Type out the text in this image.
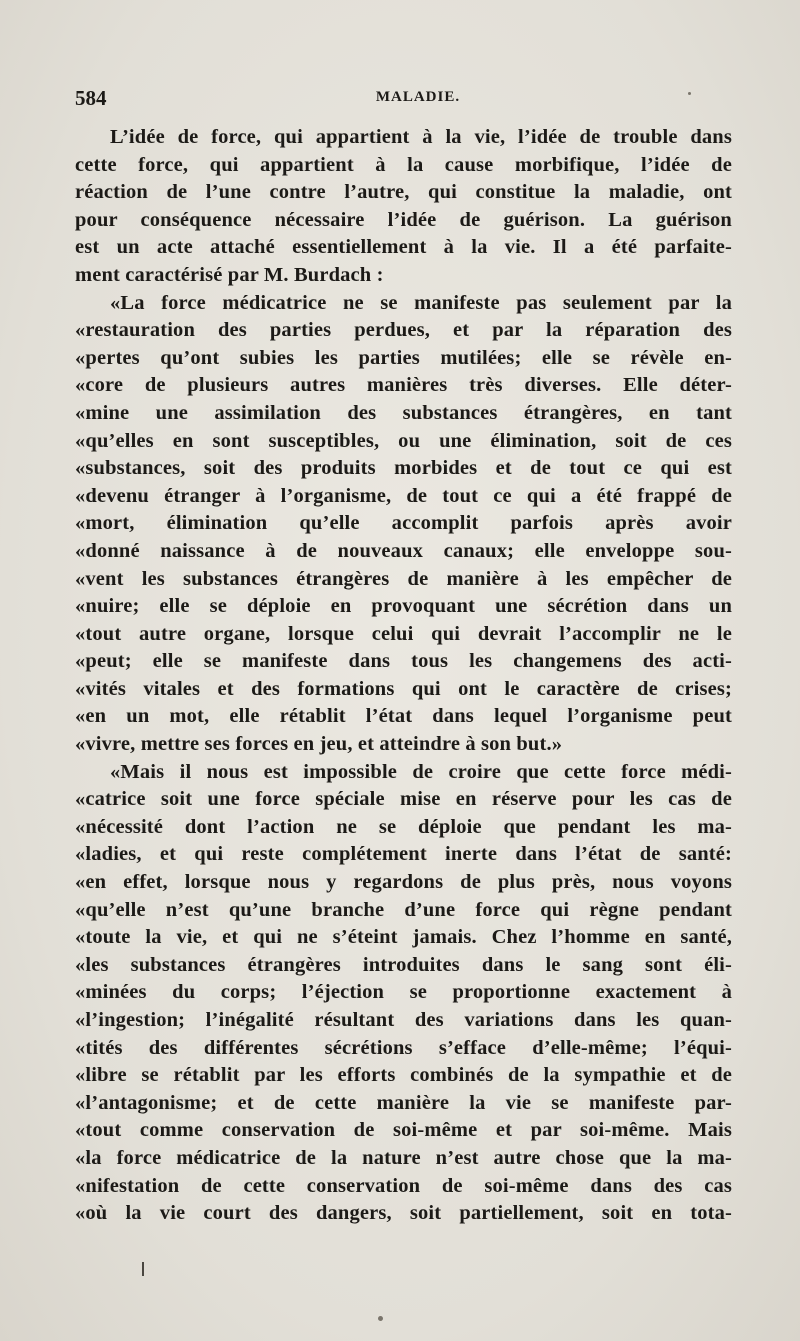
584	MALADIE.
L’idée de force, qui appartient à la vie, l’idée de trouble dans
cette force, qui appartient à la cause morbifique, l’idée de
réaction de l’une contre l’autre, qui constitue la maladie, ont
pour conséquence nécessaire l’idée de guérison. La guérison
est un acte attaché essentiellement à la vie. Il a été parfaite-
ment caractérisé par M. Burdach :
«La force médicatrice ne se manifeste pas seulement par la
«restauration des parties perdues, et par la réparation des
«pertes qu’ont subies les parties mutilées; elle se révèle en-
«core de plusieurs autres manières très diverses. Elle déter-
«mine une assimilation des substances étrangères, en tant
«qu’elles en sont susceptibles, ou une élimination, soit de ces
«substances, soit des produits morbides et de tout ce qui est
«devenu étranger à l’organisme, de tout ce qui a été frappé de
«mort, élimination qu’elle accomplit parfois après avoir
«donné naissance à de nouveaux canaux; elle enveloppe sou-
«vent les substances étrangères de manière à les empêcher de
«nuire; elle se déploie en provoquant une sécrétion dans un
«tout autre organe, lorsque celui qui devrait l’accomplir ne le
«peut; elle se manifeste dans tous les changemens des acti-
«vités vitales et des formations qui ont le caractère de crises;
«en un mot, elle rétablit l’état dans lequel l’organisme peut
«vivre, mettre ses forces en jeu, et atteindre à son but.»
«Mais il nous est impossible de croire que cette force médi-
«catrice soit une force spéciale mise en réserve pour les cas de
«nécessité dont l’action ne se déploie que pendant les ma-
«ladies, et qui reste complétement inerte dans l’état de santé:
«en effet, lorsque nous y regardons de plus près, nous voyons
«qu’elle n’est qu’une branche d’une force qui règne pendant
«toute la vie, et qui ne s’éteint jamais. Chez l’homme en santé,
«les substances étrangères introduites dans le sang sont éli-
«minées du corps; l’éjection se proportionne exactement à
«l’ingestion; l’inégalité résultant des variations dans les quan-
«tités des différentes sécrétions s’efface d’elle-même; l’équi-
«libre se rétablit par les efforts combinés de la sympathie et de
«l’antagonisme; et de cette manière la vie se manifeste par-
«tout comme conservation de soi-même et par soi-même. Mais
«la force médicatrice de la nature n’est autre chose que la ma-
«nifestation de cette conservation de soi-même dans des cas
«où la vie court des dangers, soit partiellement, soit en tota-
